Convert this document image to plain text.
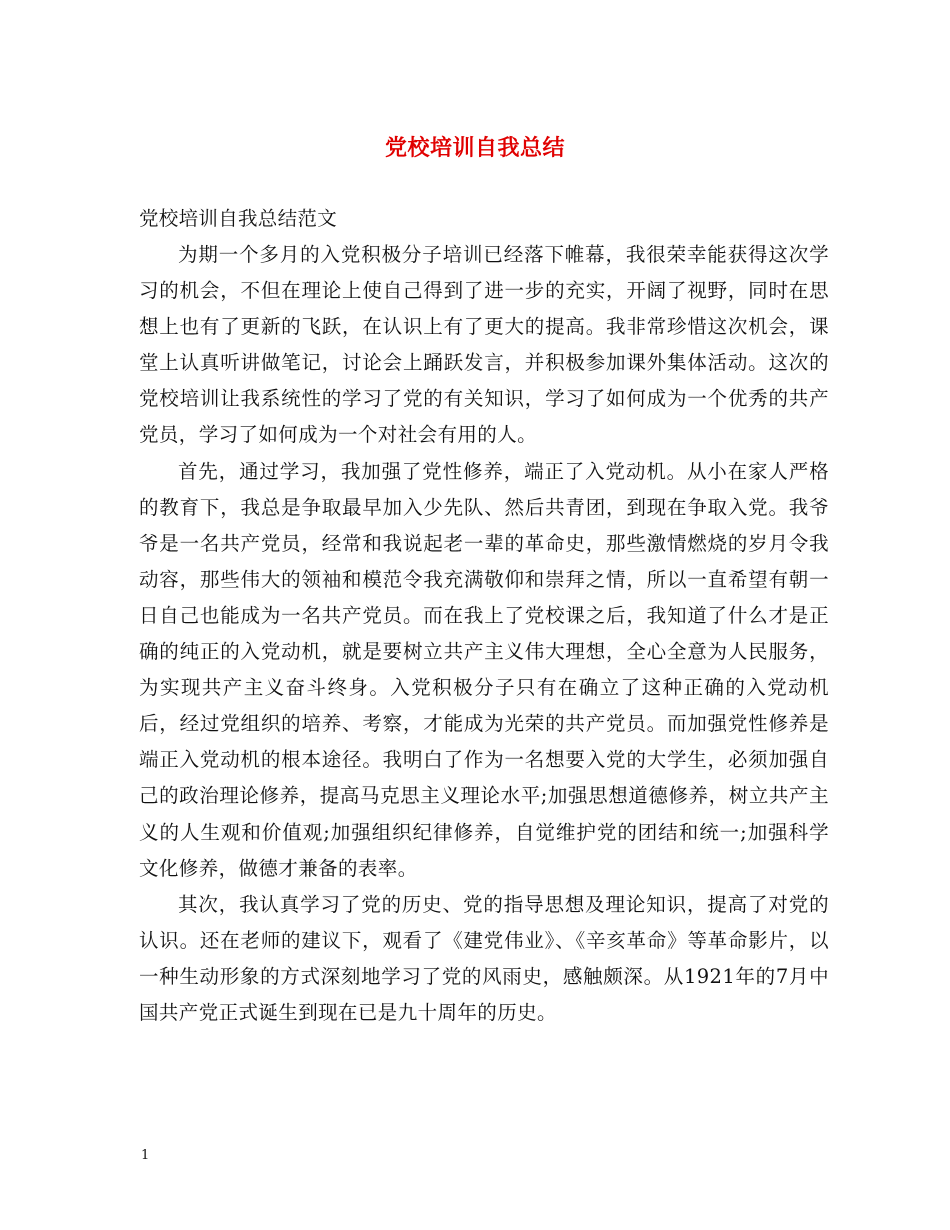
党校培训自我总结
党校培训自我总结范文

为期一个多月的入党积极分子培训已经落下帷幕，我很荣幸能获得这次学习的机会，不但在理论上使自己得到了进一步的充实，开阔了视野，同时在思想上也有了更新的飞跃，在认识上有了更大的提高。我非常珍惜这次机会，课堂上认真听讲做笔记，讨论会上踊跃发言，并积极参加课外集体活动。这次的党校培训让我系统性的学习了党的有关知识，学习了如何成为一个优秀的共产党员，学习了如何成为一个对社会有用的人。

首先，通过学习，我加强了党性修养，端正了入党动机。从小在家人严格的教育下，我总是争取最早加入少先队、然后共青团，到现在争取入党。我爷爷是一名共产党员，经常和我说起老一辈的革命史，那些激情燃烧的岁月令我动容，那些伟大的领袖和模范令我充满敬仰和崇拜之情，所以一直希望有朝一日自己也能成为一名共产党员。而在我上了党校课之后，我知道了什么才是正确的纯正的入党动机，就是要树立共产主义伟大理想，全心全意为人民服务，为实现共产主义奋斗终身。入党积极分子只有在确立了这种正确的入党动机后，经过党组织的培养、考察，才能成为光荣的共产党员。而加强党性修养是端正入党动机的根本途径。我明白了作为一名想要入党的大学生，必须加强自己的政治理论修养，提高马克思主义理论水平;加强思想道德修养，树立共产主义的人生观和价值观;加强组织纪律修养，自觉维护党的团结和统一;加强科学文化修养，做德才兼备的表率。

其次，我认真学习了党的历史、党的指导思想及理论知识，提高了对党的认识。还在老师的建议下，观看了《建党伟业》、《辛亥革命》等革命影片，以一种生动形象的方式深刻地学习了党的风雨史，感触颇深。从1921年的7月中国共产党正式诞生到现在已是九十周年的历史。

1
